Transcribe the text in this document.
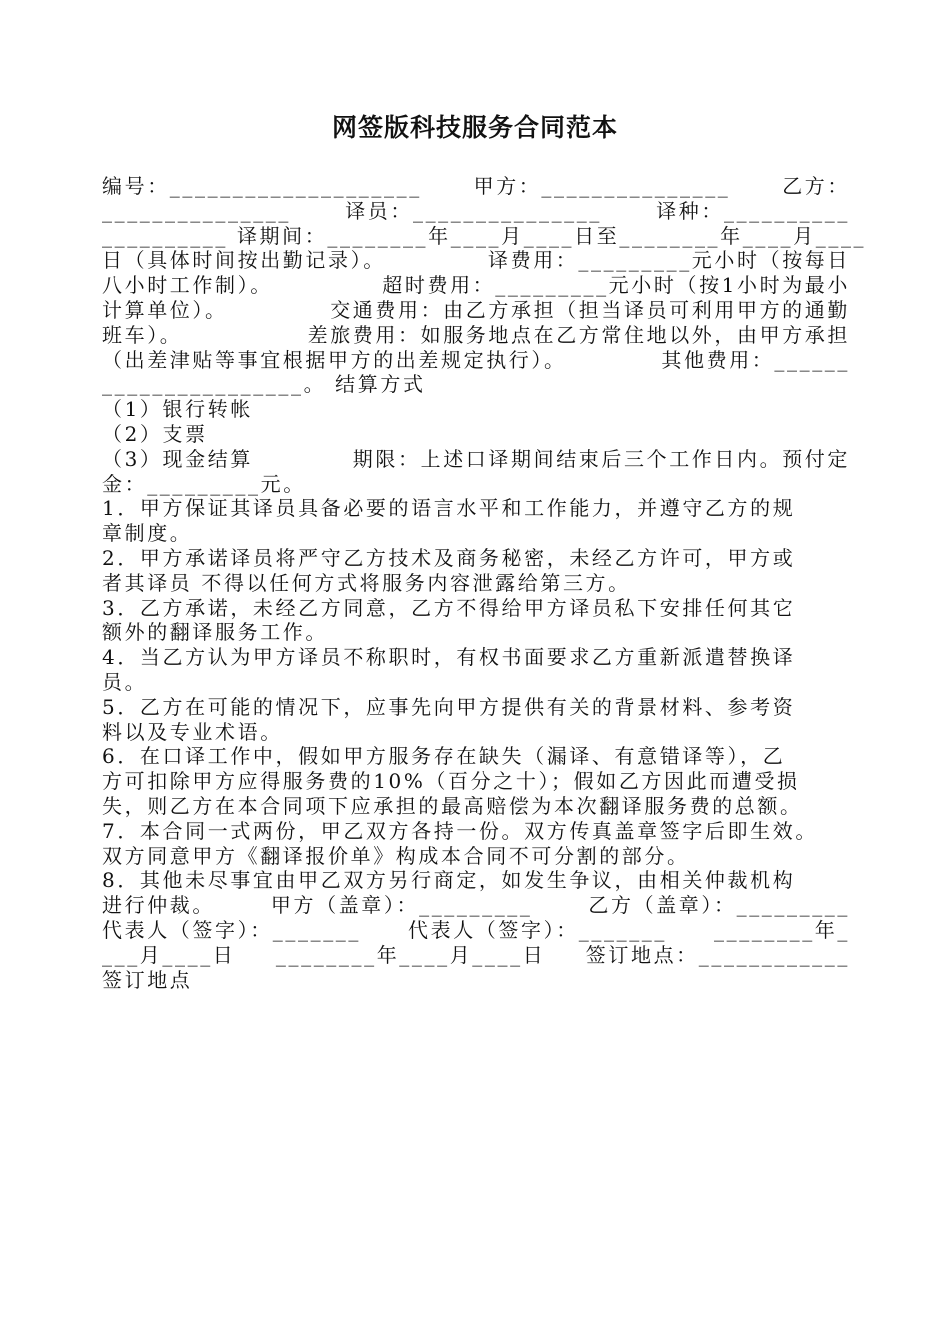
网签版科技服务合同范本
编号：____________________	甲方：_______________	乙方：
_______________	译员：_______________	译种：__________
__________ 译期间：________年____月____日至________年____月____
日（具体时间按出勤记录）。	译费用：_________元小时（按每日
八小时工作制）。	超时费用：_________元小时（按1小时为最小
计算单位）。	交通费用：由乙方承担（担当译员可利用甲方的通勤
班车）。	差旅费用：如服务地点在乙方常住地以外，由甲方承担
（出差津贴等事宜根据甲方的出差规定执行）。	其他费用：______
________________。 结算方式
（1）银行转帐
（2）支票
（3）现金结算	期限：上述口译期间结束后三个工作日内。预付定
金：_________元。
1．甲方保证其译员具备必要的语言水平和工作能力，并遵守乙方的规
章制度。
2．甲方承诺译员将严守乙方技术及商务秘密，未经乙方许可，甲方或
者其译员 不得以任何方式将服务内容泄露给第三方。
3．乙方承诺，未经乙方同意，乙方不得给甲方译员私下安排任何其它
额外的翻译服务工作。
4．当乙方认为甲方译员不称职时，有权书面要求乙方重新派遣替换译
员。
5．乙方在可能的情况下，应事先向甲方提供有关的背景材料、参考资
料以及专业术语。
6．在口译工作中，假如甲方服务存在缺失（漏译、有意错译等），乙
方可扣除甲方应得服务费的10%（百分之十）；假如乙方因此而遭受损
失，则乙方在本合同项下应承担的最高赔偿为本次翻译服务费的总额。
7．本合同一式两份，甲乙双方各持一份。双方传真盖章签字后即生效。
双方同意甲方《翻译报价单》构成本合同不可分割的部分。
8．其他未尽事宜由甲乙双方另行商定，如发生争议，由相关仲裁机构
进行仲裁。	甲方（盖章）：_________	乙方（盖章）：_________
代表人（签字）：_______ 代表人（签字）：_______ ________年_
___月____日 ________年____月____日 签订地点：____________
签订地点
